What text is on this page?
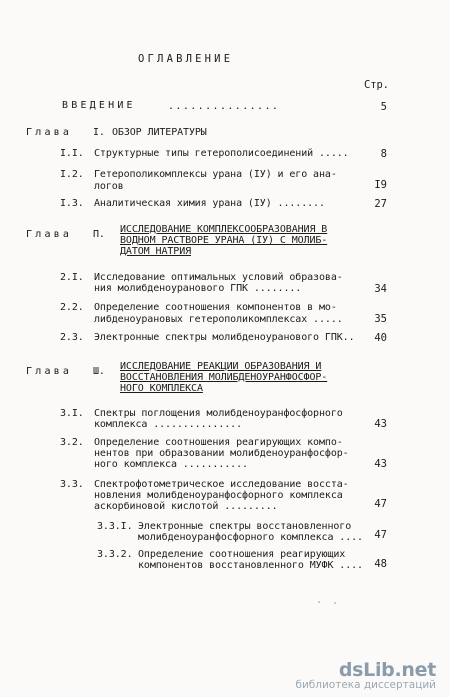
ОГЛАВЛЕНИЕ
Стр.
ВВЕДЕНИЕ	...............	5
Глава I. ОБЗОР ЛИТЕРАТУРЫ
I.I. Структурные типы гетерополисоединений .....	8
I.2. Гетерополикомплексы урана (IУ) и его ана-
логов	I9
I.3. Аналитическая химия урана (IУ) ........	27
Глава П. ИССЛЕДОВАНИЕ КОМПЛЕКСООБРАЗОВАНИЯ В
ВОДНОМ РАСТВОРЕ УРАНА (IУ) С МОЛИБ-
ДАТОМ НАТРИЯ
2.I. Исследование оптимальных условий образова-
ния молибденоуранового ГПК ........	34
2.2. Определение соотношения компонентов в мо-
либденоурановых гетерополикомплексах .....	35
2.3. Электронные спектры молибденоуранового ГПК..	40
Глава Ш. ИССЛЕДОВАНИЕ РЕАКЦИИ ОБРАЗОВАНИЯ И
ВОССТАНОВЛЕНИЯ МОЛИБДЕНОУРАНФОСФОР-
НОГО КОМПЛЕКСА
3.I. Спектры поглощения молибденоуранфосфорного
комплекса ...............	43
3.2. Определение соотношения реагирующих компо-
нентов при образовании молибденоуранфосфор-
ного комплекса ...........	43
3.3. Спектрофотометрическое исследование восста-
новления молибденоуранфосфорного комплекса
аскорбиновой кислотой .........	47
3.3.I. Электронные спектры восстановленного
молибденоуранфосфорного комплекса ....	47
3.3.2. Определение соотношения реагирующих
компонентов восстановленного МУФК ....	48
dsLib.net
библиотека диссертаций
